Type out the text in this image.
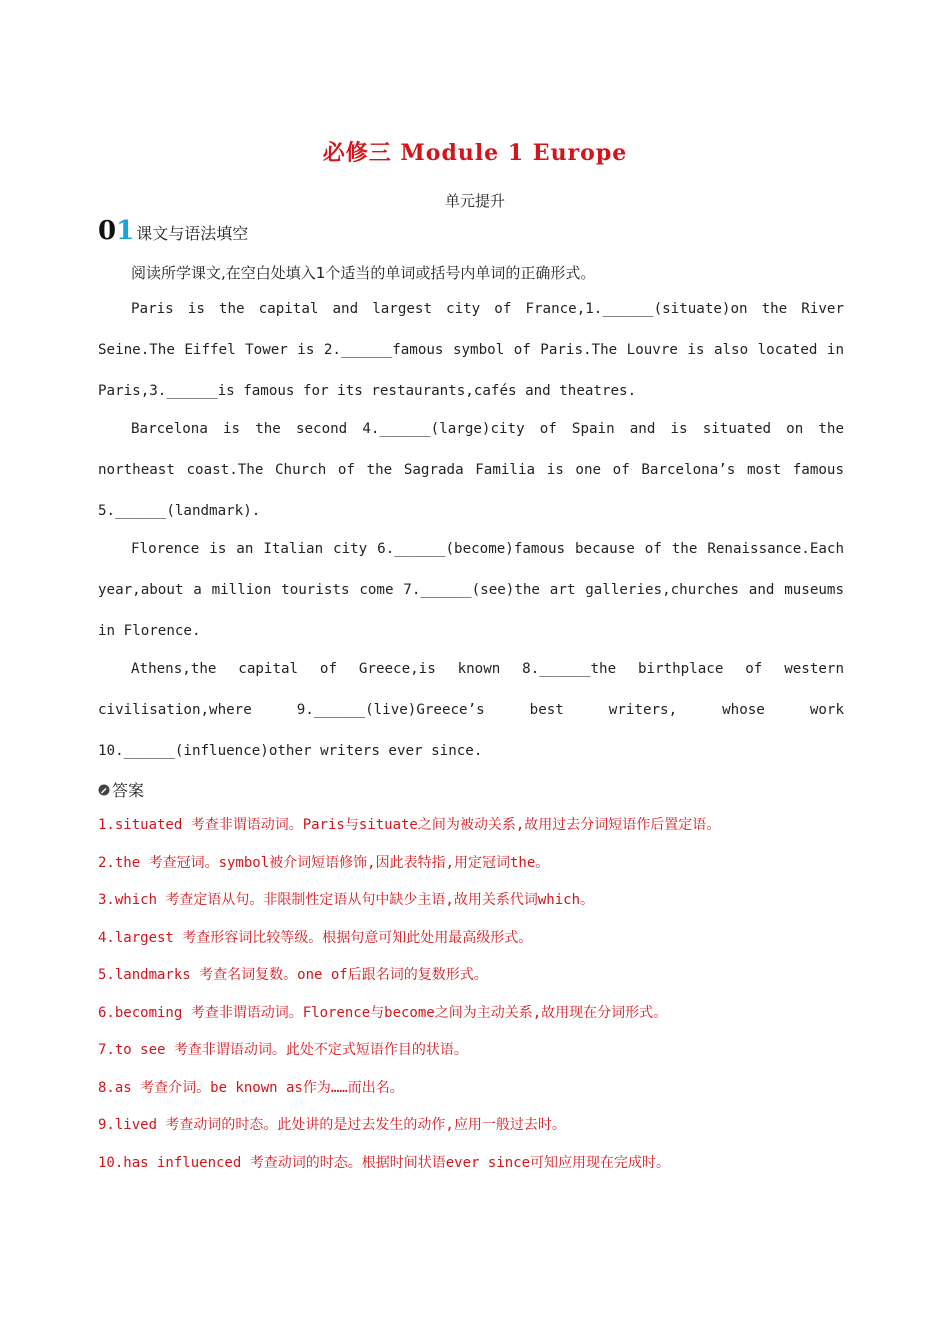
必修三 Module 1 Europe
单元提升
0 1 课文与语法填空
阅读所学课文,在空白处填入1个适当的单词或括号内单词的正确形式。

Paris is the capital and largest city of France,1.______(situate)on the River Seine.The Eiffel Tower is 2.______famous symbol of Paris.The Louvre is also located in Paris,3.______is famous for its restaurants,cafés and theatres.

Barcelona is the second 4.______(large)city of Spain and is situated on the northeast coast.The Church of the Sagrada Familia is one of Barcelona’s most famous 5.______(landmark).

Florence is an Italian city 6.______(become)famous because of the Renaissance.Each year,about a million tourists come 7.______(see)the art galleries,churches and museums in Florence.

Athens,the capital of Greece,is known 8.______the birthplace of western civilisation,where 9.______(live)Greece’s best writers, whose work 10.______(influence)other writers ever since.

答案
1.situated 考查非谓语动词。Paris与situate之间为被动关系,故用过去分词短语作后置定语。
2.the 考查冠词。symbol被介词短语修饰,因此表特指,用定冠词the。
3.which 考查定语从句。非限制性定语从句中缺少主语,故用关系代词which。
4.largest 考查形容词比较等级。根据句意可知此处用最高级形式。
5.landmarks 考查名词复数。one of后跟名词的复数形式。
6.becoming 考查非谓语动词。Florence与become之间为主动关系,故用现在分词形式。
7.to see 考查非谓语动词。此处不定式短语作目的状语。
8.as 考查介词。be known as作为……而出名。
9.lived 考查动词的时态。此处讲的是过去发生的动作,应用一般过去时。
10.has influenced 考查动词的时态。根据时间状语ever since可知应用现在完成时。
